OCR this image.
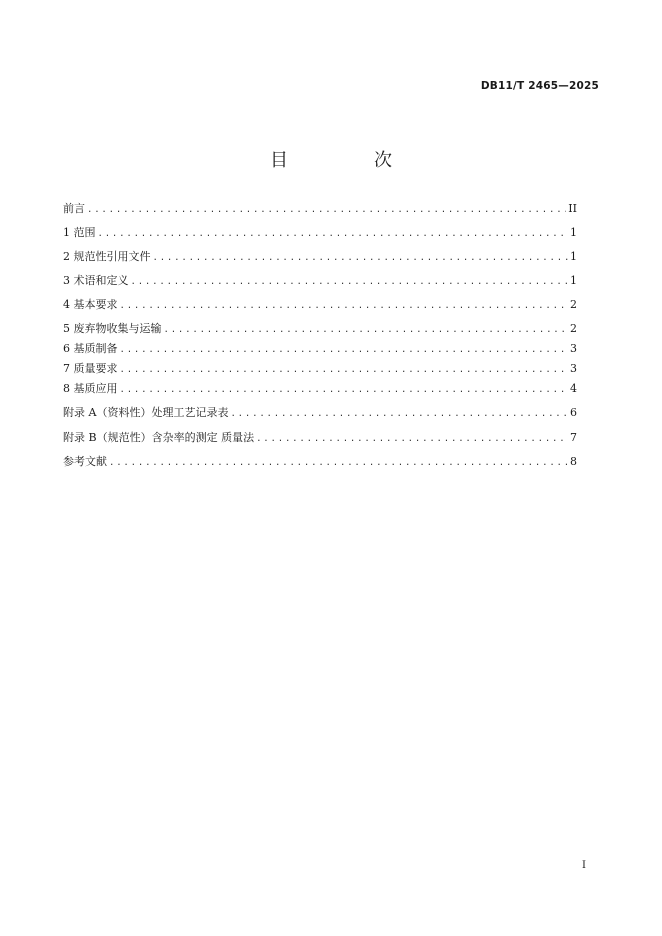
DB11/T 2465—2025
目　次
前言 .....	II
1 范围 .....	1
2 规范性引用文件 .....	1
3 术语和定义 .....	1
4 基本要求 .....	2
5 废弃物收集与运输 .....	2
6 基质制备 .....	3
7 质量要求 .....	3
8 基质应用 .....	4
附录 A（资料性）处理工艺记录表 .....	6
附录 B（规范性）含杂率的测定 质量法 .....	7
参考文献 .....	8
I
